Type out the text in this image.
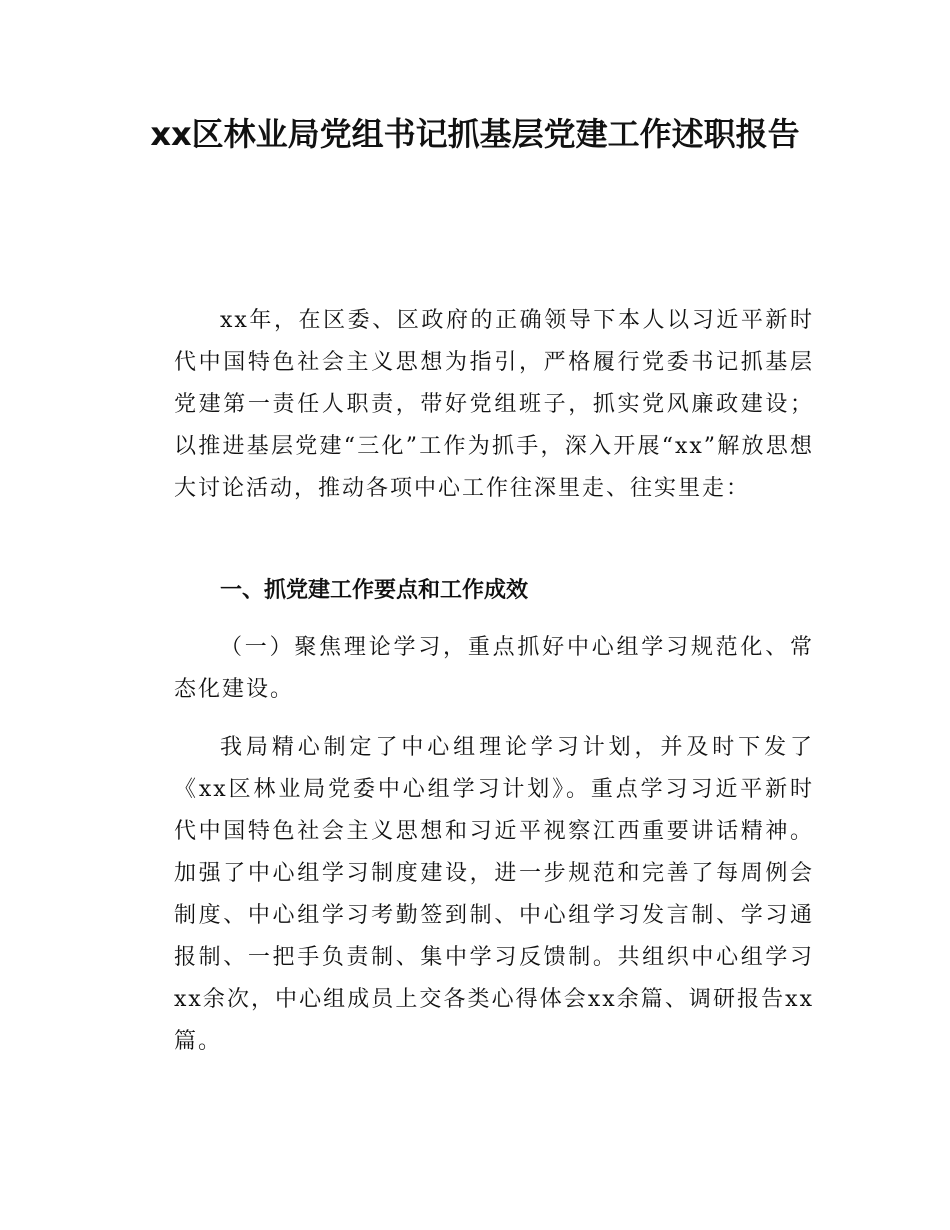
xx区林业局党组书记抓基层党建工作述职报告

xx年，在区委、区政府的正确领导下本人以习近平新时代中国特色社会主义思想为指引，严格履行党委书记抓基层党建第一责任人职责，带好党组班子，抓实党风廉政建设；以推进基层党建“三化”工作为抓手，深入开展“xx”解放思想大讨论活动，推动各项中心工作往深里走、往实里走：

一、抓党建工作要点和工作成效

（一）聚焦理论学习，重点抓好中心组学习规范化、常态化建设。

我局精心制定了中心组理论学习计划，并及时下发了《xx区林业局党委中心组学习计划》。重点学习习近平新时代中国特色社会主义思想和习近平视察江西重要讲话精神。加强了中心组学习制度建设，进一步规范和完善了每周例会制度、中心组学习考勤签到制、中心组学习发言制、学习通报制、一把手负责制、集中学习反馈制。共组织中心组学习xx余次，中心组成员上交各类心得体会xx余篇、调研报告xx篇。
